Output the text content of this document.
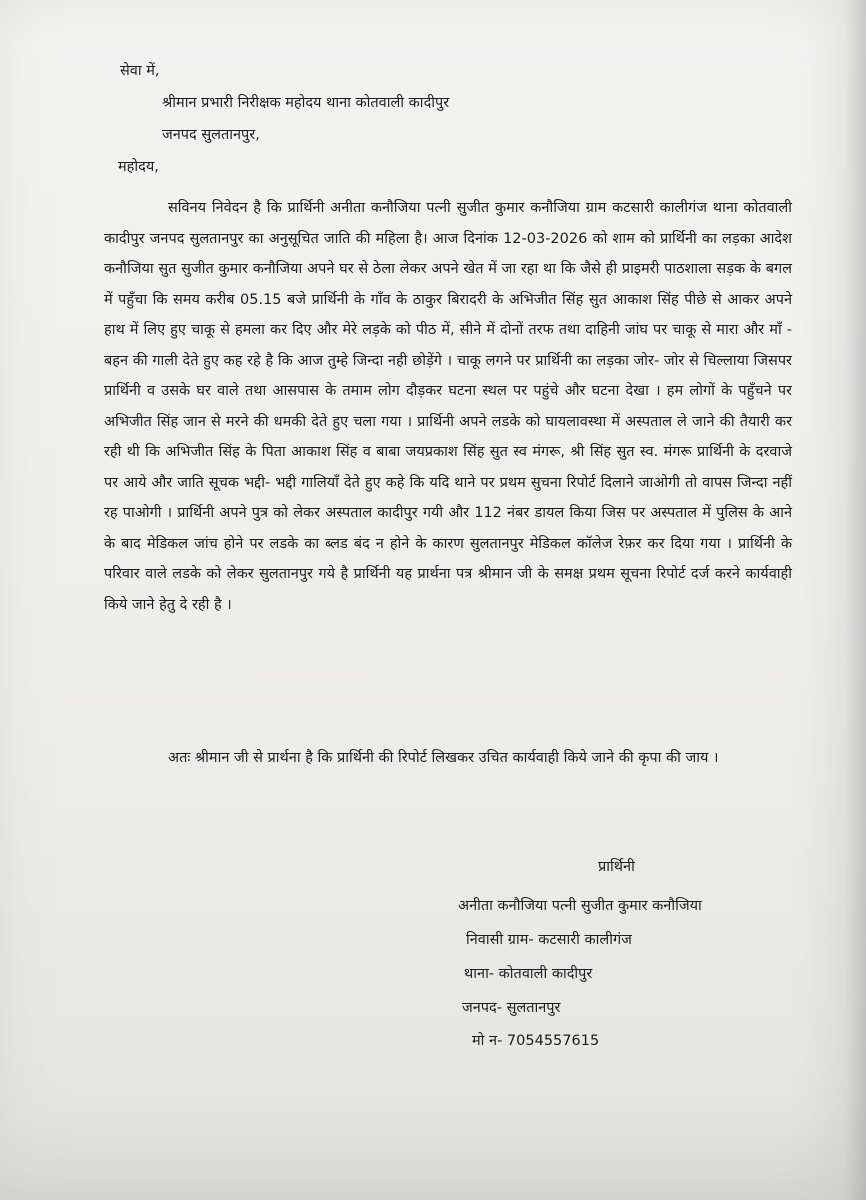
सेवा में,
श्रीमान प्रभारी निरीक्षक महोदय थाना कोतवाली कादीपुर
जनपद सुलतानपुर,
महोदय,

सविनय निवेदन है कि प्रार्थिनी अनीता कनौजिया पत्नी सुजीत कुमार कनौजिया ग्राम कटसारी कालीगंज थाना कोतवाली कादीपुर जनपद सुलतानपुर का अनुसूचित जाति की महिला है। आज दिनांक 12-03-2026 को शाम को प्रार्थिनी का लड़का आदेश कनौजिया सुत सुजीत कुमार कनौजिया अपने घर से ठेला लेकर अपने खेत में जा रहा था कि जैसे ही प्राइमरी पाठशाला सड़क के बगल में पहुँचा कि समय करीब 05.15 बजे प्रार्थिनी के गाँव के ठाकुर बिरादरी के अभिजीत सिंह सुत आकाश सिंह पीछे से आकर अपने हाथ में लिए हुए चाकू से हमला कर दिए और मेरे लड़के को पीठ में, सीने में दोनों तरफ तथा दाहिनी जांघ पर चाकू से मारा और माँ - बहन की गाली देते हुए कह रहे है कि आज तुम्हे जिन्दा नही छोड़ेंगे । चाकू लगने पर प्रार्थिनी का लड़का जोर- जोर से चिल्लाया जिसपर प्रार्थिनी व उसके घर वाले तथा आसपास के तमाम लोग दौड़कर घटना स्थल पर पहुंचे और घटना देखा । हम लोगों के पहुँचने पर अभिजीत सिंह जान से मरने की धमकी देते हुए चला गया । प्रार्थिनी अपने लडके को घायलावस्था में अस्पताल ले जाने की तैयारी कर रही थी कि अभिजीत सिंह के पिता आकाश सिंह व बाबा जयप्रकाश सिंह सुत स्व मंगरू, श्री सिंह सुत स्व. मंगरू प्रार्थिनी के दरवाजे पर आये और जाति सूचक भद्दी- भद्दी गालियाँ देते हुए कहे कि यदि थाने पर प्रथम सुचना रिपोर्ट दिलाने जाओगी तो वापस जिन्दा नहीं रह पाओगी । प्रार्थिनी अपने पुत्र को लेकर अस्पताल कादीपुर गयी और 112 नंबर डायल किया जिस पर अस्पताल में पुलिस के आने के बाद मेडिकल जांच होने पर लडके का ब्लड बंद न होने के कारण सुलतानपुर मेडिकल कॉलेज रेफ़र कर दिया गया । प्रार्थिनी के परिवार वाले लडके को लेकर सुलतानपुर गये है प्रार्थिनी यह प्रार्थना पत्र श्रीमान जी के समक्ष प्रथम सूचना रिपोर्ट दर्ज करने कार्यवाही किये जाने हेतु दे रही है ।

अतः श्रीमान जी से प्रार्थना है कि प्रार्थिनी की रिपोर्ट लिखकर उचित कार्यवाही किये जाने की कृपा की जाय ।

प्रार्थिनी
अनीता कनौजिया पत्नी सुजीत कुमार कनौजिया
निवासी ग्राम- कटसारी कालीगंज
थाना- कोतवाली कादीपुर
जनपद- सुलतानपुर
मो न- 7054557615
